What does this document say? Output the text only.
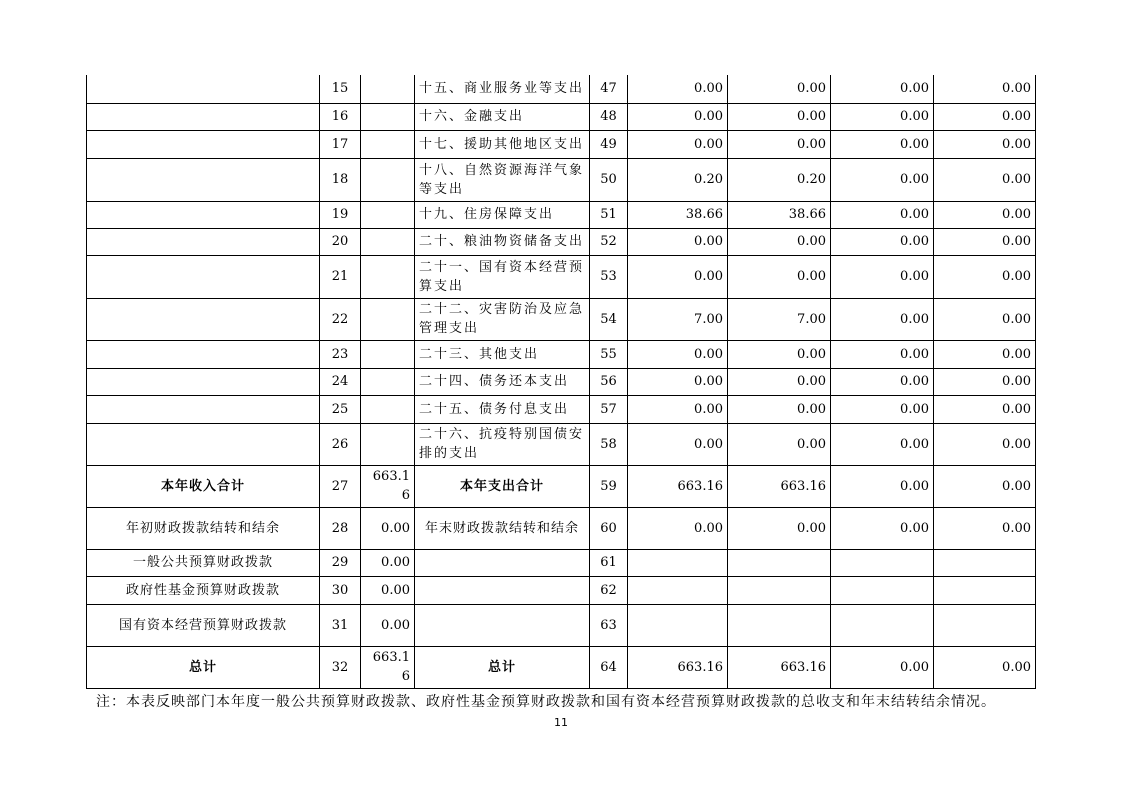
	15		十五、商业服务业等支出	47	0.00	0.00	0.00	0.00
	16		十六、金融支出	48	0.00	0.00	0.00	0.00
	17		十七、援助其他地区支出	49	0.00	0.00	0.00	0.00
	18		十八、自然资源海洋气象等支出	50	0.20	0.20	0.00	0.00
	19		十九、住房保障支出	51	38.66	38.66	0.00	0.00
	20		二十、粮油物资储备支出	52	0.00	0.00	0.00	0.00
	21		二十一、国有资本经营预算支出	53	0.00	0.00	0.00	0.00
	22		二十二、灾害防治及应急管理支出	54	7.00	7.00	0.00	0.00
	23		二十三、其他支出	55	0.00	0.00	0.00	0.00
	24		二十四、债务还本支出	56	0.00	0.00	0.00	0.00
	25		二十五、债务付息支出	57	0.00	0.00	0.00	0.00
	26		二十六、抗疫特别国债安排的支出	58	0.00	0.00	0.00	0.00
本年收入合计	27	663.16	本年支出合计	59	663.16	663.16	0.00	0.00
年初财政拨款结转和结余	28	0.00	年末财政拨款结转和结余	60	0.00	0.00	0.00	0.00
一般公共预算财政拨款	29	0.00		61				
政府性基金预算财政拨款	30	0.00		62				
国有资本经营预算财政拨款	31	0.00		63				
总计	32	663.16	总计	64	663.16	663.16	0.00	0.00
注：本表反映部门本年度一般公共预算财政拨款、政府性基金预算财政拨款和国有资本经营预算财政拨款的总收支和年末结转结余情况。
11
